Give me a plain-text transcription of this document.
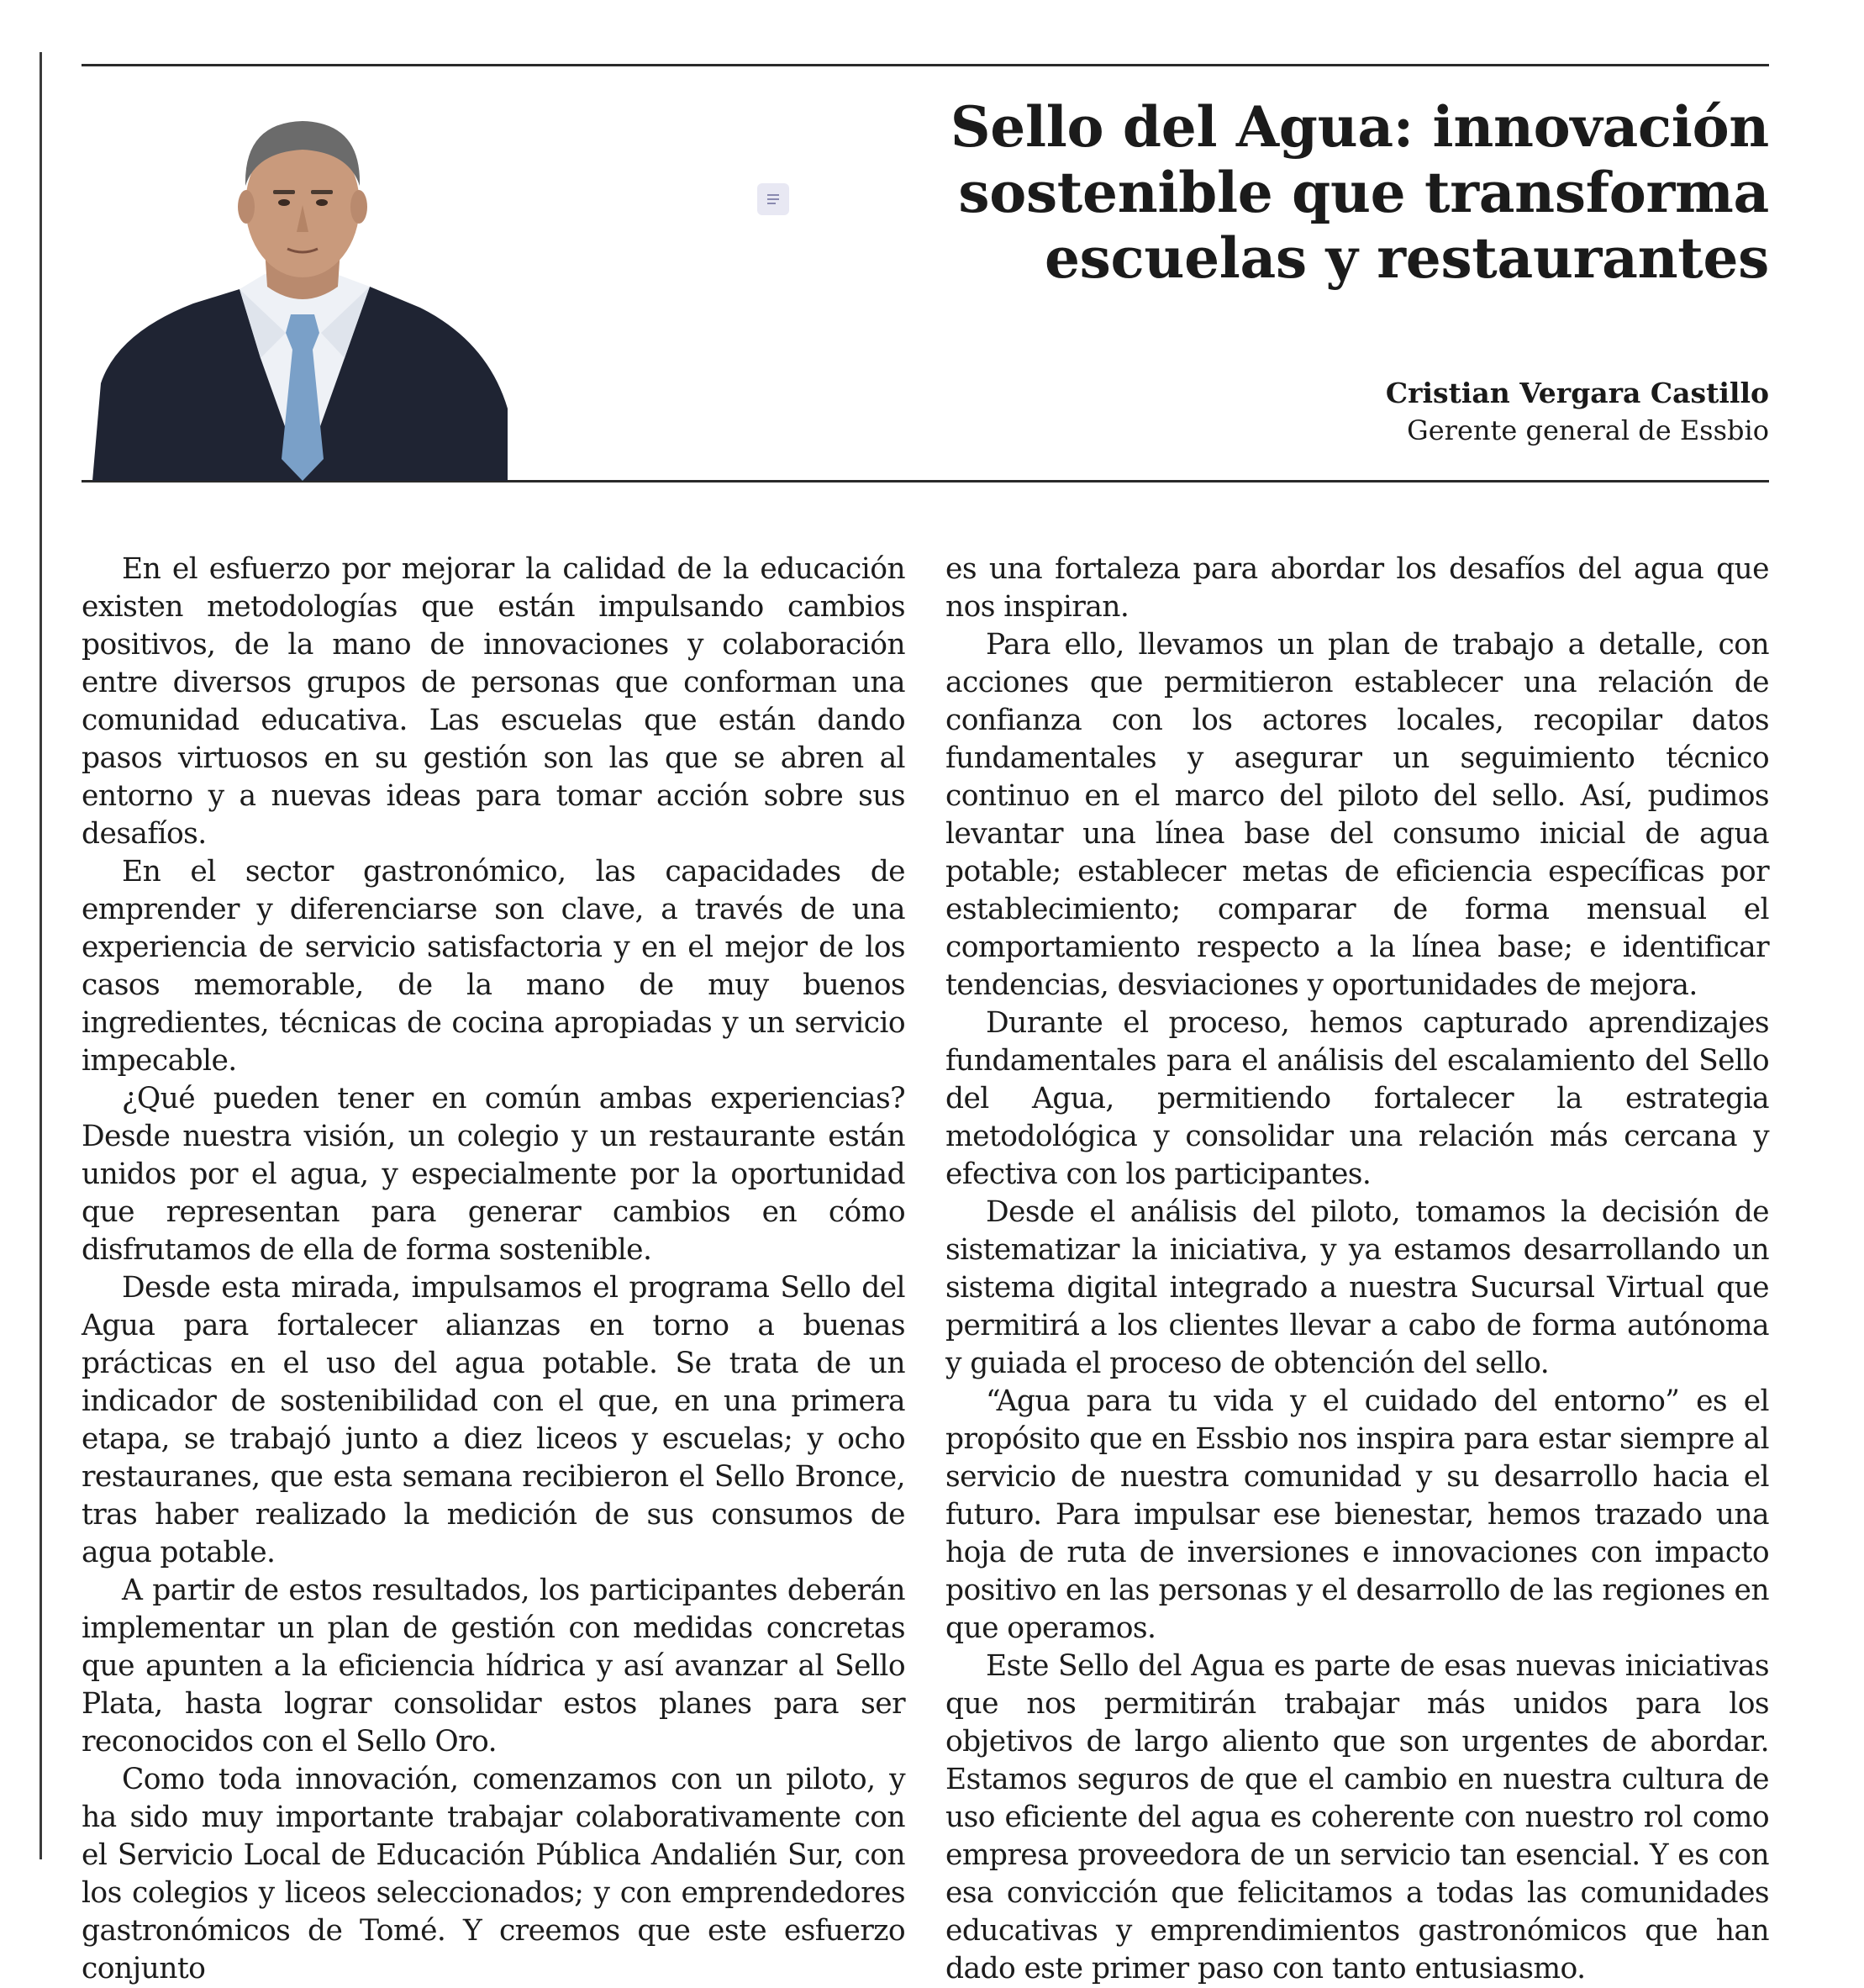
Sello del Agua: innovación sostenible que transforma escuelas y restaurantes
Cristian Vergara Castillo
Gerente general de Essbio

En el esfuerzo por mejorar la calidad de la educación existen metodologías que están impulsando cambios positivos, de la mano de innovaciones y colaboración entre diversos grupos de personas que conforman una comunidad educativa. Las escuelas que están dando pasos virtuosos en su gestión son las que se abren al entorno y a nuevas ideas para tomar acción sobre sus desafíos.

En el sector gastronómico, las capacidades de emprender y diferenciarse son clave, a través de una experiencia de servicio satisfactoria y en el mejor de los casos memorable, de la mano de muy buenos ingredientes, técnicas de cocina apropiadas y un servicio impecable.

¿Qué pueden tener en común ambas experiencias? Desde nuestra visión, un colegio y un restaurante están unidos por el agua, y especialmente por la oportunidad que representan para generar cambios en cómo disfrutamos de ella de forma sostenible.

Desde esta mirada, impulsamos el programa Sello del Agua para fortalecer alianzas en torno a buenas prácticas en el uso del agua potable. Se trata de un indicador de sostenibilidad con el que, en una primera etapa, se trabajó junto a diez liceos y escuelas; y ocho restauranes, que esta semana recibieron el Sello Bronce, tras haber realizado la medición de sus consumos de agua potable.

A partir de estos resultados, los participantes deberán implementar un plan de gestión con medidas concretas que apunten a la eficiencia hídrica y así avanzar al Sello Plata, hasta lograr consolidar estos planes para ser reconocidos con el Sello Oro.

Como toda innovación, comenzamos con un piloto, y ha sido muy importante trabajar colaborativamente con el Servicio Local de Educación Pública Andalién Sur, con los colegios y liceos seleccionados; y con emprendedores gastronómicos de Tomé. Y creemos que este esfuerzo conjunto

es una fortaleza para abordar los desafíos del agua que nos inspiran.

Para ello, llevamos un plan de trabajo a detalle, con acciones que permitieron establecer una relación de confianza con los actores locales, recopilar datos fundamentales y asegurar un seguimiento técnico continuo en el marco del piloto del sello. Así, pudimos levantar una línea base del consumo inicial de agua potable; establecer metas de eficiencia específicas por establecimiento; comparar de forma mensual el comportamiento respecto a la línea base; e identificar tendencias, desviaciones y oportunidades de mejora.

Durante el proceso, hemos capturado aprendizajes fundamentales para el análisis del escalamiento del Sello del Agua, permitiendo fortalecer la estrategia metodológica y consolidar una relación más cercana y efectiva con los participantes.

Desde el análisis del piloto, tomamos la decisión de sistematizar la iniciativa, y ya estamos desarrollando un sistema digital integrado a nuestra Sucursal Virtual que permitirá a los clientes llevar a cabo de forma autónoma y guiada el proceso de obtención del sello.

“Agua para tu vida y el cuidado del entorno” es el propósito que en Essbio nos inspira para estar siempre al servicio de nuestra comunidad y su desarrollo hacia el futuro. Para impulsar ese bienestar, hemos trazado una hoja de ruta de inversiones e innovaciones con impacto positivo en las personas y el desarrollo de las regiones en que operamos.

Este Sello del Agua es parte de esas nuevas iniciativas que nos permitirán trabajar más unidos para los objetivos de largo aliento que son urgentes de abordar. Estamos seguros de que el cambio en nuestra cultura de uso eficiente del agua es coherente con nuestro rol como empresa proveedora de un servicio tan esencial. Y es con esa convicción que felicitamos a todas las comunidades educativas y emprendimientos gastronómicos que han dado este primer paso con tanto entusiasmo.
